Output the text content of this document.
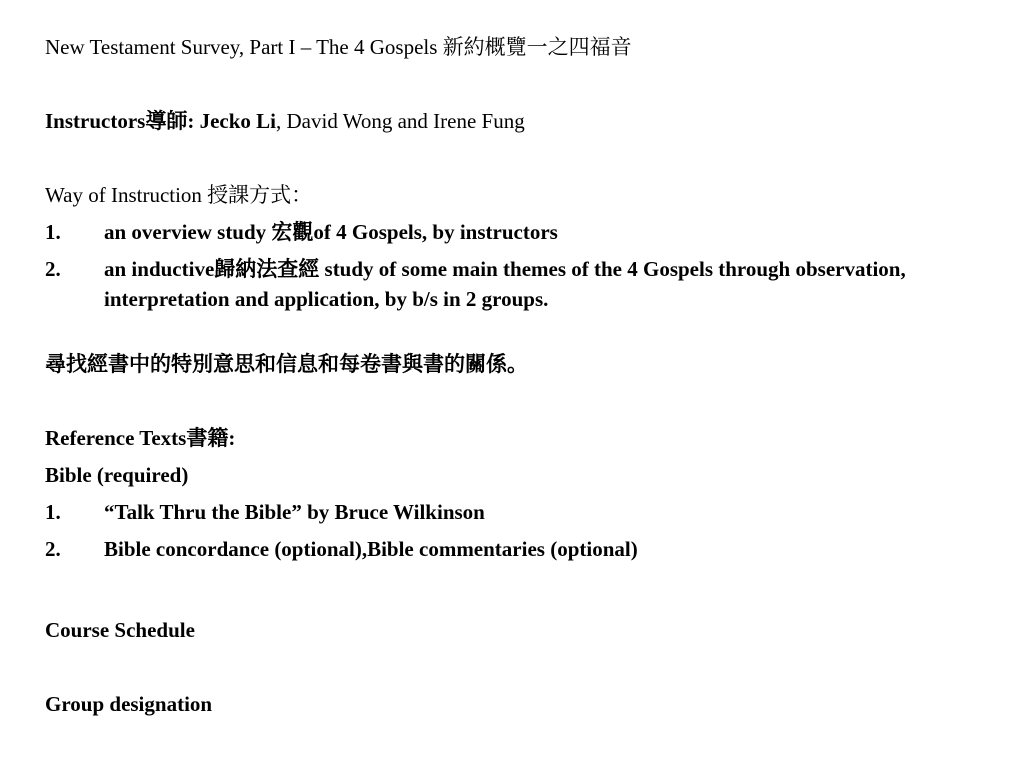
New Testament Survey, Part I – The 4 Gospels 新約概覽一之四福音
Instructors導師: Jecko Li, David Wong and Irene Fung
Way of Instruction 授課方式：
1.	an overview study 宏觀of 4 Gospels, by instructors
2.	an inductive歸納法查經 study of some main themes of the 4 Gospels through observation, interpretation and application, by b/s in 2 groups.
尋找經書中的特別意思和信息和每卷書與書的關係。
Reference Texts書籍:
Bible (required)
1.	“Talk Thru the Bible” by Bruce Wilkinson
2.	Bible concordance (optional),Bible commentaries (optional)
Course Schedule
Group designation
